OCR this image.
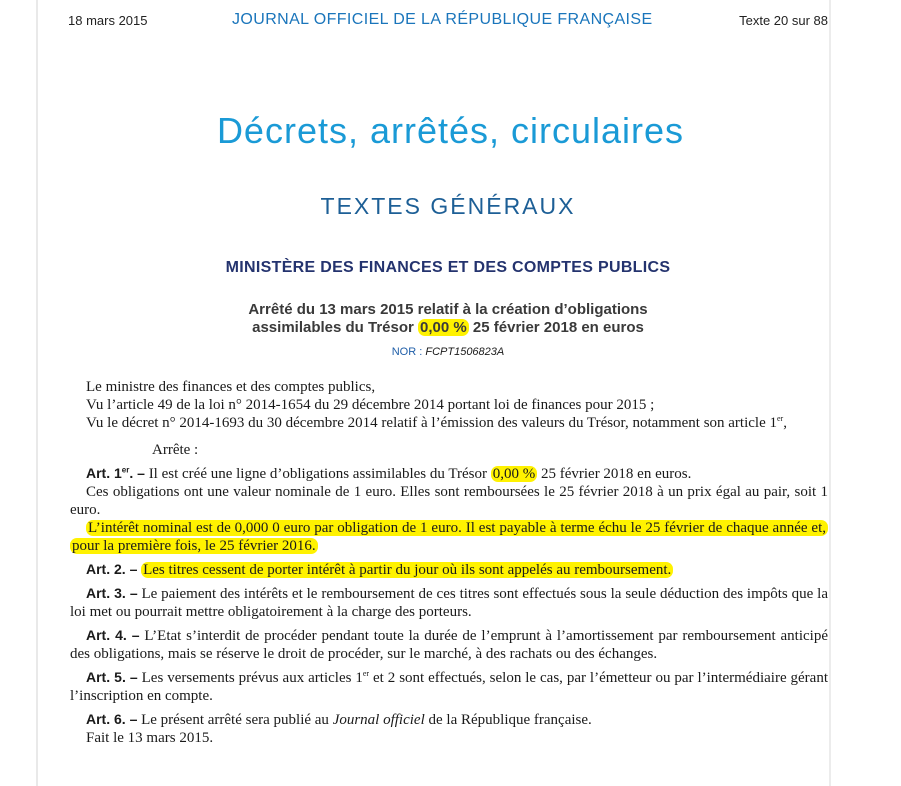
18 mars 2015	JOURNAL OFFICIEL DE LA RÉPUBLIQUE FRANÇAISE	Texte 20 sur 88
Décrets, arrêtés, circulaires
TEXTES GÉNÉRAUX
MINISTÈRE DES FINANCES ET DES COMPTES PUBLICS
Arrêté du 13 mars 2015 relatif à la création d’obligations
assimilables du Trésor 0,00 % 25 février 2018 en euros
NOR : FCPT1506823A

Le ministre des finances et des comptes publics,

Vu l’article 49 de la loi n° 2014-1654 du 29 décembre 2014 portant loi de finances pour 2015 ;

Vu le décret n° 2014-1693 du 30 décembre 2014 relatif à l’émission des valeurs du Trésor, notamment son article 1er,

Arrête :

Art. 1er. – Il est créé une ligne d’obligations assimilables du Trésor 0,00 % 25 février 2018 en euros.

Ces obligations ont une valeur nominale de 1 euro. Elles sont remboursées le 25 février 2018 à un prix égal au pair, soit 1 euro.

L’intérêt nominal est de 0,000 0 euro par obligation de 1 euro. Il est payable à terme échu le 25 février de chaque année et, pour la première fois, le 25 février 2016.

Art. 2. – Les titres cessent de porter intérêt à partir du jour où ils sont appelés au remboursement.

Art. 3. – Le paiement des intérêts et le remboursement de ces titres sont effectués sous la seule déduction des impôts que la loi met ou pourrait mettre obligatoirement à la charge des porteurs.

Art. 4. – L’Etat s’interdit de procéder pendant toute la durée de l’emprunt à l’amortissement par remboursement anticipé des obligations, mais se réserve le droit de procéder, sur le marché, à des rachats ou des échanges.

Art. 5. – Les versements prévus aux articles 1er et 2 sont effectués, selon le cas, par l’émetteur ou par l’intermédiaire gérant l’inscription en compte.

Art. 6. – Le présent arrêté sera publié au Journal officiel de la République française.

Fait le 13 mars 2015.
